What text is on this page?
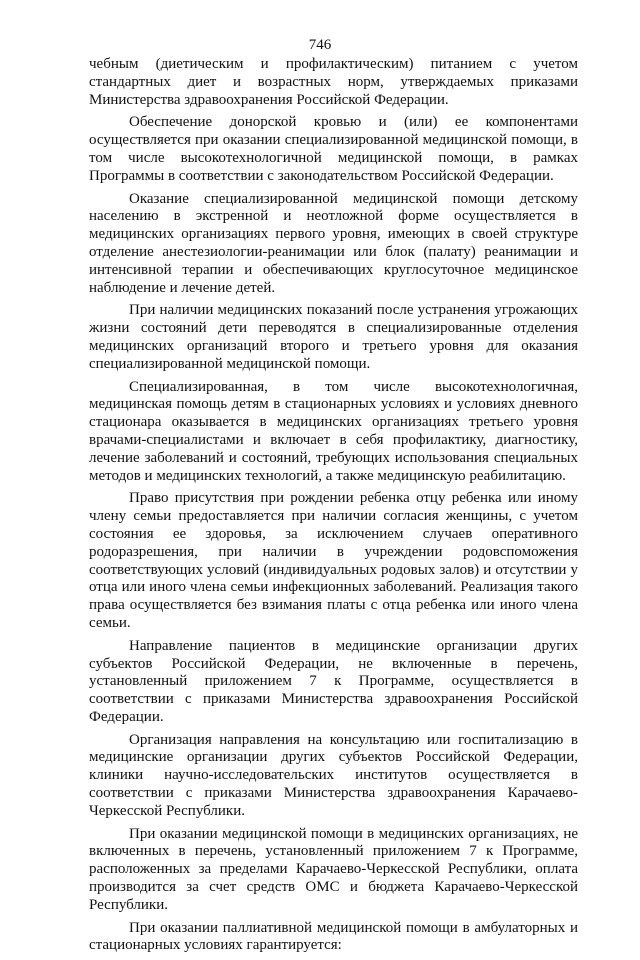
746

чебным (диетическим и профилактическим) питанием с учетом стандартных диет и возрастных норм, утверждаемых приказами Министерства здравоохранения Российской Федерации.

Обеспечение донорской кровью и (или) ее компонентами осуществляется при оказании специализированной медицинской помощи, в том числе высокотехнологичной медицинской помощи, в рамках Программы в соответствии с законодательством Российской Федерации.

Оказание специализированной медицинской помощи детскому населению в экстренной и неотложной форме осуществляется в медицинских организациях первого уровня, имеющих в своей структуре отделение анестезиологии-реанимации или блок (палату) реанимации и интенсивной терапии и обеспечивающих круглосуточное медицинское наблюдение и лечение детей.

При наличии медицинских показаний после устранения угрожающих жизни состояний дети переводятся в специализированные отделения медицинских организаций второго и третьего уровня для оказания специализированной медицинской помощи.

Специализированная, в том числе высокотехнологичная, медицинская помощь детям в стационарных условиях и условиях дневного стационара оказывается в медицинских организациях третьего уровня врачами-специалистами и включает в себя профилактику, диагностику, лечение заболеваний и состояний, требующих использования специальных методов и медицинских технологий, а также медицинскую реабилитацию.

Право присутствия при рождении ребенка отцу ребенка или иному члену семьи предоставляется при наличии согласия женщины, с учетом состояния ее здоровья, за исключением случаев оперативного родоразрешения, при наличии в учреждении родовспоможения соответствующих условий (индивидуальных родовых залов) и отсутствии у отца или иного члена семьи инфекционных заболеваний. Реализация такого права осуществляется без взимания платы с отца ребенка или иного члена семьи.

Направление пациентов в медицинские организации других субъектов Российской Федерации, не включенные в перечень, установленный приложением 7 к Программе, осуществляется в соответствии с приказами Министерства здравоохранения Российской Федерации.

Организация направления на консультацию или госпитализацию в медицинские организации других субъектов Российской Федерации, клиники научно-исследовательских институтов осуществляется в соответствии с приказами Министерства здравоохранения Карачаево-Черкесской Республики.

При оказании медицинской помощи в медицинских организациях, не включенных в перечень, установленный приложением 7 к Программе, расположенных за пределами Карачаево-Черкесской Республики, оплата производится за счет средств ОМС и бюджета Карачаево-Черкесской Республики.

При оказании паллиативной медицинской помощи в амбулаторных и стационарных условиях гарантируется:
